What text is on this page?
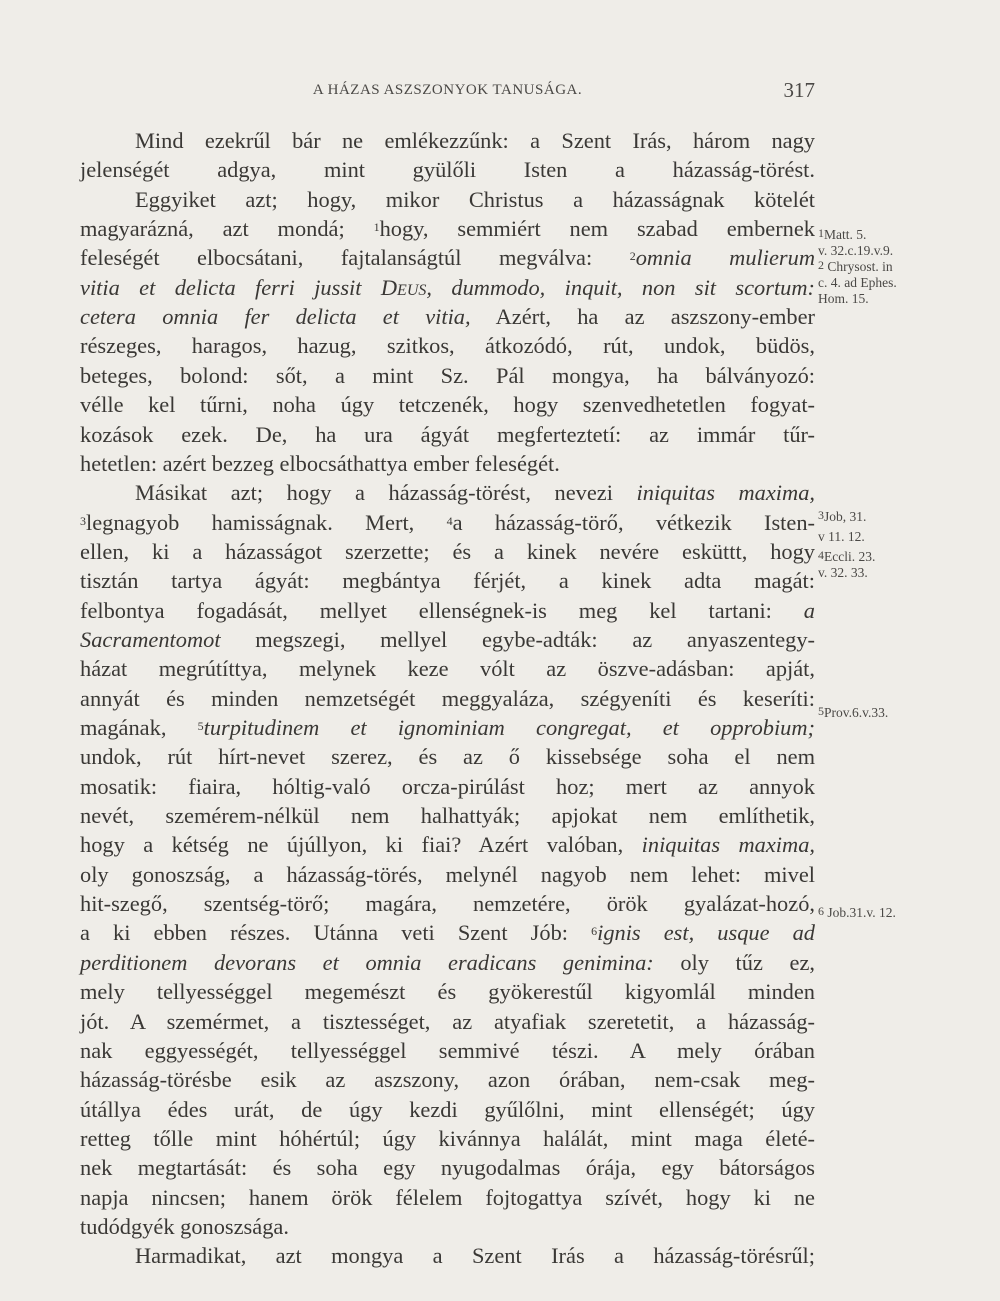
A HÁZAS ASZSZONYOK TANUSÁGA.	317
Mind ezekrűl bár ne emlékezzűnk: a Szent Irás, három nagy
jelenségét adgya, mint gyülőli Isten a házasság-törést.
Eggyiket azt; hogy, mikor Christus a házasságnak kötelét
magyarázná, azt mondá; $^1$hogy, semmiért nem szabad embernek
feleségét elbocsátani, fajtalanságtúl megválva: $^2$omnia mulierum
vitia et delicta ferri jussit Deus, dummodo, inquit, non sit scortum:
cetera omnia fer delicta et vitia, Azért, ha az aszszony-ember
részeges, haragos, hazug, szitkos, átkozódó, rút, undok, büdös,
beteges, bolond: sőt, a mint Sz. Pál mongya, ha bálványozó:
vélle kel tűrni, noha úgy tetczenék, hogy szenvedhetetlen fogyat-
kozások ezek. De, ha ura ágyát megferteztetí: az immár tűr-
hetetlen: azért bezzeg elbocsáthattya ember feleségét.
Másikat azt; hogy a házasság-törést, nevezi iniquitas maxima,
$^3$legnagyob hamisságnak. Mert, $^4$a házasság-törő, vétkezik Isten-
ellen, ki a házasságot szerzette; és a kinek nevére esküttt, hogy
tisztán tartya ágyát: megbántya férjét, a kinek adta magát:
felbontya fogadását, mellyet ellenségnek-is meg kel tartani: a
Sacramentomot megszegi, mellyel egybe-adták: az anyaszentegy-
házat megrútíttya, melynek keze vólt az öszve-adásban: apját,
annyát és minden nemzetségét meggyaláza, szégyeníti és keseríti:
magának, $^5$turpitudinem et ignominiam congregat, et opprobium;
undok, rút hírt-nevet szerez, és az ő kissebsége soha el nem
mosatik: fiaira, hóltig-való orcza-pirúlást hoz; mert az annyok
nevét, szemérem-nélkül nem halhattyák; apjokat nem említhetik,
hogy a kétség ne újúllyon, ki fiai? Azért valóban, iniquitas maxima,
oly gonoszság, a házasság-törés, melynél nagyob nem lehet: mivel
hit-szegő, szentség-törő; magára, nemzetére, örök gyalázat-hozó,
a ki ebben részes. Utánna veti Szent Jób: $^6$ignis est, usque ad
perditionem devorans et omnia eradicans genimina: oly tűz ez,
mely tellyességgel megemészt és gyökerestűl kigyomlál minden
jót. A szemérmet, a tisztességet, az atyafiak szeretetit, a házasság-
nak eggyességét, tellyességgel semmivé tészi. A mely órában
házasság-törésbe esik az aszszony, azon órában, nem-csak meg-
útállya édes urát, de úgy kezdi gyűlőlni, mint ellenségét; úgy
retteg tőlle mint hóhértúl; úgy kivánnya halálát, mint maga életé-
nek megtartását: és soha egy nyugodalmas órája, egy bátorságos
napja nincsen; hanem örök félelem fojtogattya szívét, hogy ki ne
tudódgyék gonoszsága.
Harmadikat, azt mongya a Szent Irás a házasság-törésrűl;
$^1$Matt. 5.
v. 32.c.19.v.9.
$^2$ Chrysost. in
c. 4. ad Ephes.
Hom. 15.
$^3$Job, 31.
v 11. 12.
$^4$Eccli. 23.
v. 32. 33.
$^5$Prov.6.v.33.
$^6$ Job.31.v. 12.
